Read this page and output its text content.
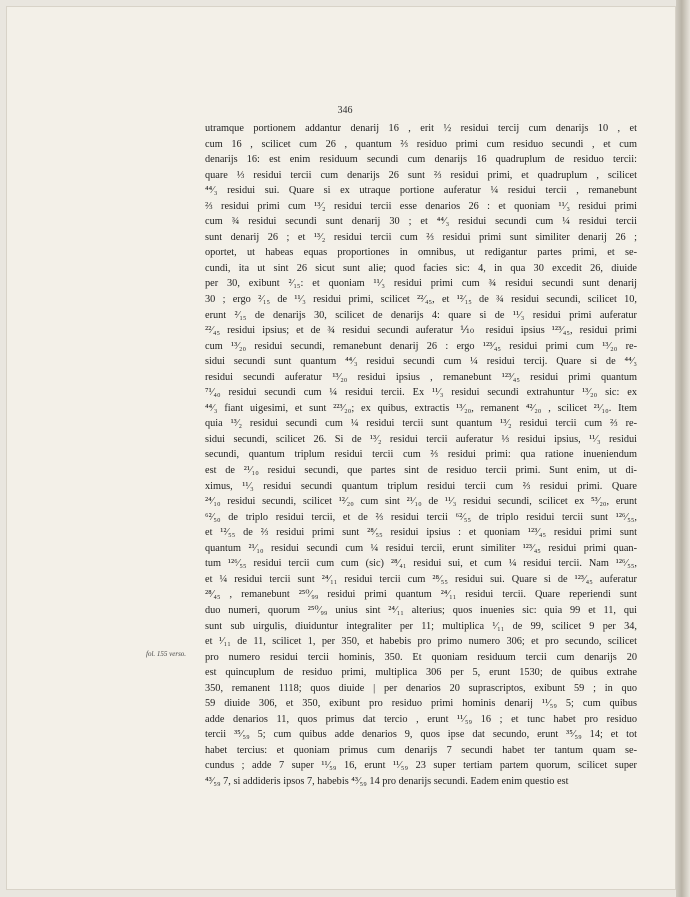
346
fol. 155 verso.
utramque portionem addantur denarij 16 , erit ½ residui tercij cum denarijs 10 , et
cum 16 , scilicet cum 26 , quantum ⅔ residuo primi cum residuo secundi , et cum
denarijs 16: est enim residuum secundi cum denarijs 16 quadruplum de residuo tercii:
quare ⅓ residui tercii cum denarijs 26 sunt ⅔ residui primi, et quadruplum , scilicet
⁴⁴⁄₃ residui sui. Quare si ex utraque portione auferatur ¼ residui tercii , remanebunt
⅔ residui primi cum ¹³⁄₂ residui tercii esse denarios 26 : et quoniam ¹¹⁄₃ residui primi
cum ¾ residui secundi sunt denarij 30 ; et ⁴⁴⁄₃ residui secundi cum ¼ residui tercii
sunt denarij 26 ; et ¹³⁄₂ residui tercii cum ⅔ residui primi sunt similiter denarij 26 ;
oportet, ut habeas equas proportiones in omnibus, ut redigantur partes primi, et se-
cundi, ita ut sint 26 sicut sunt alie; quod facies sic: 4, in qua 30 excedit 26, diuide
per 30, exibunt ²⁄₁₅: et quoniam ¹¹⁄₃ residui primi cum ¾ residui secundi sunt denarij
30 ; ergo ²⁄₁₅ de ¹¹⁄₃ residui primi, scilicet ²²⁄₄₅, et ¹²⁄₁₅ de ¾ residui secundi, scilicet 10,
erunt ²⁄₁₅ de denarijs 30, scilicet de denarijs 4: quare si de ¹¹⁄₃ residui primi auferatur
²²⁄₄₅ residui ipsius; et de ¾ residui secundi auferatur ⅒ residui ipsius ¹²³⁄₄₅, residui primi
cum ¹³⁄₂₀ residui secundi, remanebunt denarij 26 : ergo ¹²³⁄₄₅ residui primi cum ¹³⁄₂₀ re-
sidui secundi sunt quantum ⁴⁴⁄₃ residui secundi cum ¼ residui tercij. Quare si de ⁴⁴⁄₃
residui secundi auferatur ¹³⁄₂₀ residui ipsius , remanebunt ¹²³⁄₄₅ residui primi quantum
⁷¹⁄₄₀ residui secundi cum ¼ residui tercii. Ex ¹¹⁄₃ residui secundi extrahuntur ¹³⁄₂₀ sic: ex
⁴⁴⁄₃ fiant uigesimi, et sunt ²²³⁄₂₀; ex quibus, extractis ¹³⁄₂₀, remanent ⁴²⁄₂₀ , scilicet ²¹⁄₁₀. Item
quia ¹³⁄₂ residui secundi cum ¼ residui tercii sunt quantum ¹³⁄₂ residui tercii cum ⅔ re-
sidui secundi, scilicet 26. Si de ¹³⁄₂ residui tercii auferatur ⅓ residui ipsius, ¹¹⁄₃ residui
secundi, quantum triplum residui tercii cum ⅔ residui primi: qua ratione inueniendum
est de ²¹⁄₁₀ residui secundi, que partes sint de residuo tercii primi. Sunt enim, ut di-
ximus, ¹¹⁄₃ residui secundi quantum triplum residui tercii cum ⅔ residui primi. Quare
²⁴⁄₁₀ residui secundi, scilicet ¹²⁄₂₀ cum sint ²¹⁄₁₀ de ¹¹⁄₃ residui secundi, scilicet ex ⁵³⁄₂₀, erunt
⁶²⁄₅₀ de triplo residui tercii, et de ⅔ residui tercii ⁶²⁄₅₅ de triplo residui tercii sunt ¹²⁶⁄₅₅,
et ¹²⁄₅₅ de ⅔ residui primi sunt ²⁸⁄₅₅ residui ipsius : et quoniam ¹²³⁄₄₅ residui primi sunt
quantum ²¹⁄₁₀ residui secundi cum ¼ residui tercii, erunt similiter ¹²³⁄₄₅ residui primi quan-
tum ¹²⁶⁄₅₅ residui tercii cum cum (sic) ²⁸⁄₄₁ residui sui, et cum ¼ residui tercii. Nam ¹²⁶⁄₅₅,
et ¼ residui tercii sunt ²⁴⁄₁₁ residui tercii cum ²⁸⁄₅₅ residui sui. Quare si de ¹²³⁄₄₅ auferatur
²⁸⁄₄₅ , remanebunt ²⁵⁰⁄₉₉ residui primi quantum ²⁴⁄₁₁ residui tercii. Quare reperiendi sunt
duo numeri, quorum ²⁵⁰⁄₉₉ unius sint ²⁴⁄₁₁ alterius; quos inuenies sic: quia 99 et 11, qui
sunt sub uirgulis, diuiduntur integraliter per 11; multiplica ¹⁄₁₁ de 99, scilicet 9 per 34,
et ¹⁄₁₁ de 11, scilicet 1, per 350, et habebis pro primo numero 306; et pro secundo, scilicet
pro numero residui tercii hominis, 350. Et quoniam residuum tercii cum denarijs 20
est quincuplum de residuo primi, multiplica 306 per 5, erunt 1530; de quibus extrahe
350, remanent 1118; quos diuide | per denarios 20 suprascriptos, exibunt 59 ; in quo
59 diuide 306, et 350, exibunt pro residuo primi hominis denarij ¹¹⁄₅₉ 5; cum quibus
adde denarios 11, quos primus dat tercio , erunt ¹¹⁄₅₉ 16 ; et tunc habet pro residuo
tercii ³⁵⁄₅₉ 5; cum quibus adde denarios 9, quos ipse dat secundo, erunt ³⁵⁄₅₉ 14; et tot
habet tercius: et quoniam primus cum denarijs 7 secundi habet ter tantum quam se-
cundus ; adde 7 super ¹¹⁄₅₉ 16, erunt ¹¹⁄₅₉ 23 super tertiam partem quorum, scilicet super
⁴³⁄₅₉ 7, si addideris ipsos 7, habebis ⁴³⁄₅₉ 14 pro denarijs secundi. Eadem enim questio est
